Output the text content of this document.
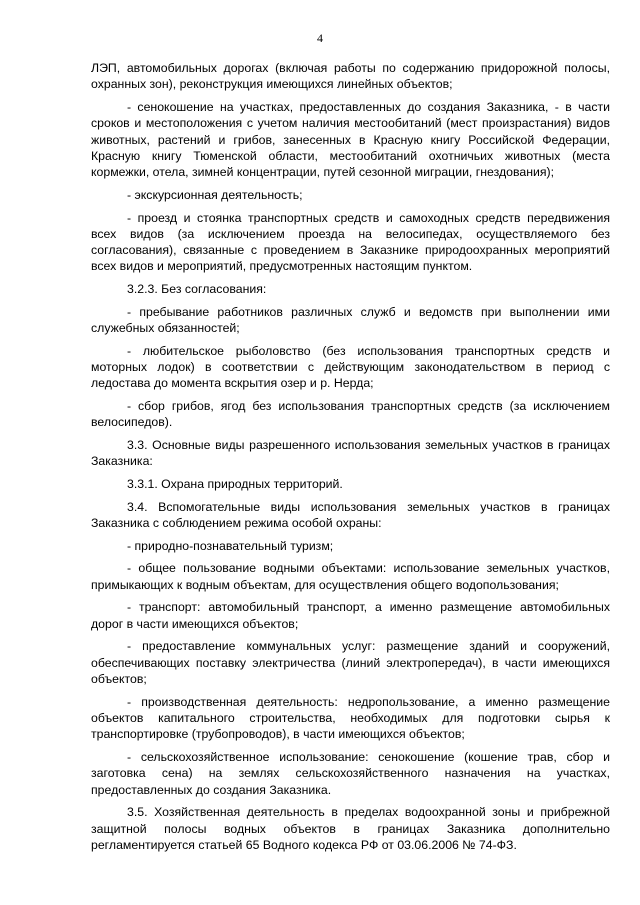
4

ЛЭП, автомобильных дорогах (включая работы по содержанию придорожной полосы, охранных зон), реконструкция имеющихся линейных объектов;

- сенокошение на участках, предоставленных до создания Заказника, - в части сроков и местоположения с учетом наличия местообитаний (мест произрастания) видов животных, растений и грибов, занесенных в Красную книгу Российской Федерации, Красную книгу Тюменской области, местообитаний охотничьих животных (места кормежки, отела, зимней концентрации, путей сезонной миграции, гнездования);

- экскурсионная деятельность;

- проезд и стоянка транспортных средств и самоходных средств передвижения всех видов (за исключением проезда на велосипедах, осуществляемого без согласования), связанные с проведением в Заказнике природоохранных мероприятий всех видов и мероприятий, предусмотренных настоящим пунктом.

3.2.3. Без согласования:

- пребывание работников различных служб и ведомств при выполнении ими служебных обязанностей;

- любительское рыболовство (без использования транспортных средств и моторных лодок) в соответствии с действующим законодательством в период с ледостава до момента вскрытия озер и р. Нерда;

- сбор грибов, ягод без использования транспортных средств (за исключением велосипедов).

3.3. Основные виды разрешенного использования земельных участков в границах Заказника:

3.3.1. Охрана природных территорий.

3.4. Вспомогательные виды использования земельных участков в границах Заказника с соблюдением режима особой охраны:

- природно-познавательный туризм;

- общее пользование водными объектами: использование земельных участков, примыкающих к водным объектам, для осуществления общего водопользования;

- транспорт: автомобильный транспорт, а именно размещение автомобильных дорог в части имеющихся объектов;

- предоставление коммунальных услуг: размещение зданий и сооружений, обеспечивающих поставку электричества (линий электропередач), в части имеющихся объектов;

- производственная деятельность: недропользование, а именно размещение объектов капитального строительства, необходимых для подготовки сырья к транспортировке (трубопроводов), в части имеющихся объектов;

- сельскохозяйственное использование: сенокошение (кошение трав, сбор и заготовка сена) на землях сельскохозяйственного назначения на участках, предоставленных до создания Заказника.

3.5. Хозяйственная деятельность в пределах водоохранной зоны и прибрежной защитной полосы водных объектов в границах Заказника дополнительно регламентируется статьей 65 Водного кодекса РФ от 03.06.2006 № 74-ФЗ.
